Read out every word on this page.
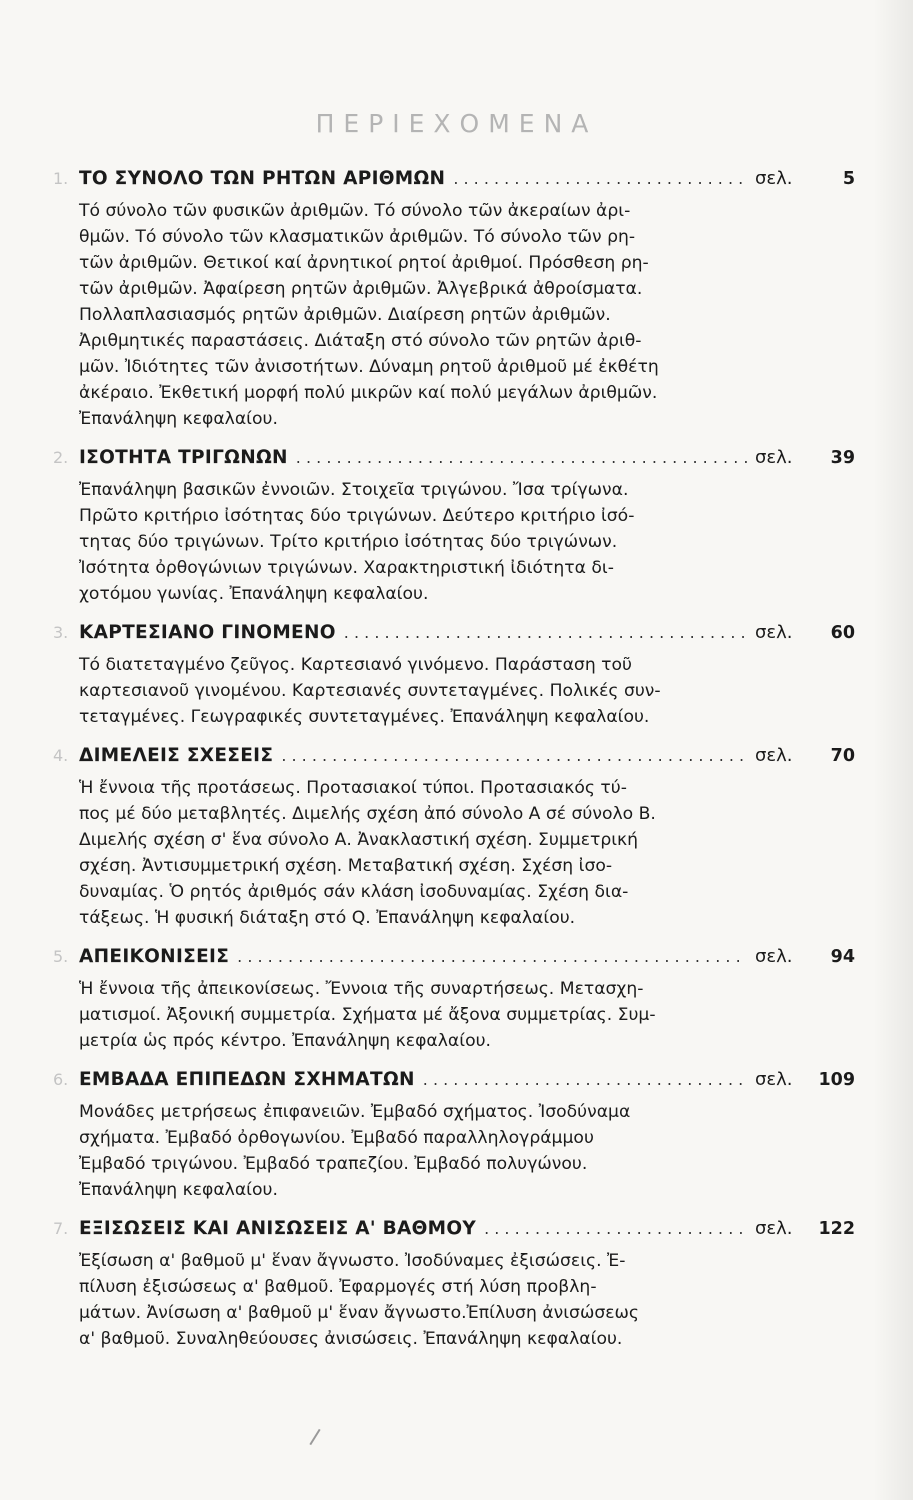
ΠΕΡΙΕΧΟΜΕΝΑ
1. ΤΟ ΣΥΝΟΛΟ ΤΩΝ ΡΗΤΩΝ ΑΡΙΘΜΩΝ . . .	σελ.	5
Τό σύνολο τῶν φυσικῶν ἀριθμῶν. Τό σύνολο τῶν ἀκεραίων ἀρι-
θμῶν. Τό σύνολο τῶν κλασματικῶν ἀριθμῶν. Τό σύνολο τῶν ρη-
τῶν ἀριθμῶν. Θετικοί καί ἀρνητικοί ρητοί ἀριθμοί. Πρόσθεση ρη-
τῶν ἀριθμῶν. Ἀφαίρεση ρητῶν ἀριθμῶν. Ἀλγεβρικά ἀθροίσματα.
Πολλαπλασιασμός ρητῶν ἀριθμῶν. Διαίρεση ρητῶν ἀριθμῶν.
Ἀριθμητικές παραστάσεις. Διάταξη στό σύνολο τῶν ρητῶν ἀριθ-
μῶν. Ἰδιότητες τῶν ἀνισοτήτων. Δύναμη ρητοῦ ἀριθμοῦ μέ ἐκθέτη
ἀκέραιο. Ἐκθετική μορφή πολύ μικρῶν καί πολύ μεγάλων ἀριθμῶν.
Ἐπανάληψη κεφαλαίου.
2. ΙΣΟΤΗΤΑ ΤΡΙΓΩΝΩΝ . . .	σελ.	39
Ἐπανάληψη βασικῶν ἐννοιῶν. Στοιχεῖα τριγώνου. Ἴσα τρίγωνα.
Πρῶτο κριτήριο ἰσότητας δύο τριγώνων. Δεύτερο κριτήριο ἰσό-
τητας δύο τριγώνων. Τρίτο κριτήριο ἰσότητας δύο τριγώνων.
Ἰσότητα ὀρθογώνιων τριγώνων. Χαρακτηριστική ἰδιότητα δι-
χοτόμου γωνίας. Ἐπανάληψη κεφαλαίου.
3. ΚΑΡΤΕΣΙΑΝΟ ΓΙΝΟΜΕΝΟ . . .	σελ.	60
Τό διατεταγμένο ζεῦγος. Καρτεσιανό γινόμενο. Παράσταση τοῦ
καρτεσιανοῦ γινομένου. Καρτεσιανές συντεταγμένες. Πολικές συν-
τεταγμένες. Γεωγραφικές συντεταγμένες. Ἐπανάληψη κεφαλαίου.
4. ΔΙΜΕΛΕΙΣ ΣΧΕΣΕΙΣ . . .	σελ.	70
Ἡ ἔννοια τῆς προτάσεως. Προτασιακοί τύποι. Προτασιακός τύ-
πος μέ δύο μεταβλητές. Διμελής σχέση ἀπό σύνολο Α σέ σύνολο Β.
Διμελής σχέση σ' ἕνα σύνολο Α. Ἀνακλαστική σχέση. Συμμετρική
σχέση. Ἀντισυμμετρική σχέση. Μεταβατική σχέση. Σχέση ἰσο-
δυναμίας. Ὁ ρητός ἀριθμός σάν κλάση ἰσοδυναμίας. Σχέση δια-
τάξεως. Ἡ φυσική διάταξη στό Q. Ἐπανάληψη κεφαλαίου.
5. ΑΠΕΙΚΟΝΙΣΕΙΣ . . .	σελ.	94
Ἡ ἔννοια τῆς ἀπεικονίσεως. Ἔννοια τῆς συναρτήσεως. Μετασχη-
ματισμοί. Ἀξονική συμμετρία. Σχήματα μέ ἄξονα συμμετρίας. Συμ-
μετρία ὡς πρός κέντρο. Ἐπανάληψη κεφαλαίου.
6. ΕΜΒΑΔΑ ΕΠΙΠΕΔΩΝ ΣΧΗΜΑΤΩΝ . . .	σελ.	109
Μονάδες μετρήσεως ἐπιφανειῶν. Ἐμβαδό σχήματος. Ἰσοδύναμα
σχήματα. Ἐμβαδό ὀρθογωνίου. Ἐμβαδό παραλληλογράμμου
Ἐμβαδό τριγώνου. Ἐμβαδό τραπεζίου. Ἐμβαδό πολυγώνου.
Ἐπανάληψη κεφαλαίου.
7. ΕΞΙΣΩΣΕΙΣ ΚΑΙ ΑΝΙΣΩΣΕΙΣ Α' ΒΑΘΜΟΥ . . .	σελ.	122
Ἐξίσωση α' βαθμοῦ μ' ἕναν ἄγνωστο. Ἰσοδύναμες ἐξισώσεις. Ἐ-
πίλυση ἐξισώσεως α' βαθμοῦ. Ἐφαρμογές στή λύση προβλη-
μάτων. Ἀνίσωση α' βαθμοῦ μ' ἕναν ἄγνωστο.Ἐπίλυση ἀνισώσεως
α' βαθμοῦ. Συναληθεύουσες ἀνισώσεις. Ἐπανάληψη κεφαλαίου.
